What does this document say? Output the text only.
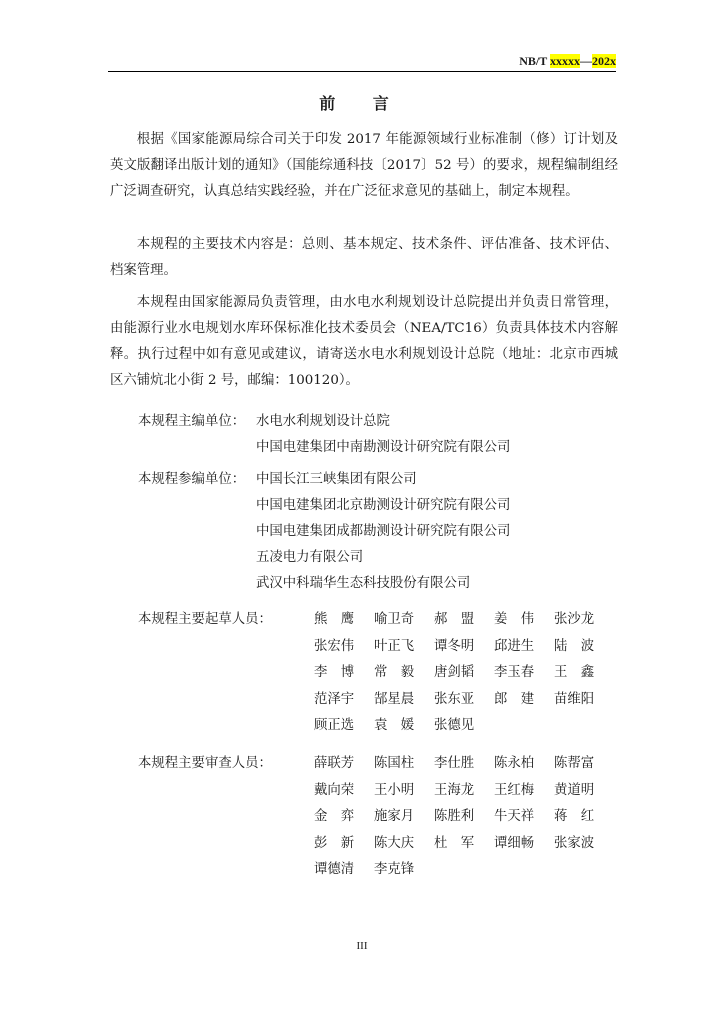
NB/T xxxxx—202x
前 言

根据《国家能源局综合司关于印发 2017 年能源领域行业标准制（修）订计划及英文版翻译出版计划的通知》（国能综通科技〔2017〕52 号）的要求，规程编制组经广泛调查研究，认真总结实践经验，并在广泛征求意见的基础上，制定本规程。

本规程的主要技术内容是：总则、基本规定、技术条件、评估准备、技术评估、档案管理。

本规程由国家能源局负责管理，由水电水利规划设计总院提出并负责日常管理，由能源行业水电规划水库环保标准化技术委员会（NEA/TC16）负责具体技术内容解释。执行过程中如有意见或建议，请寄送水电水利规划设计总院（地址：北京市西城区六铺炕北小街 2 号，邮编：100120）。

本规程主编单位： 水电水利规划设计总院
中国电建集团中南勘测设计研究院有限公司
本规程参编单位： 中国长江三峡集团有限公司
中国电建集团北京勘测设计研究院有限公司
中国电建集团成都勘测设计研究院有限公司
五凌电力有限公司
武汉中科瑞华生态科技股份有限公司
本规程主要起草人员：	熊　鹰	喻卫奇	郝　盟	姜　伟	张沙龙
张宏伟	叶正飞	谭冬明	邱进生	陆　波
李　博	常　毅	唐剑韬	李玉春	王　鑫
范泽宇	郜星晨	张东亚	郎　建	苗维阳
顾正选	袁　媛	张德见
本规程主要审查人员：	薛联芳	陈国柱	李仕胜	陈永柏	陈帮富
戴向荣	王小明	王海龙	王红梅	黄道明
金　弈	施家月	陈胜利	牛天祥	蒋　红
彭　新	陈大庆	杜　军	谭细畅	张家波
谭德清	李克锋
III
